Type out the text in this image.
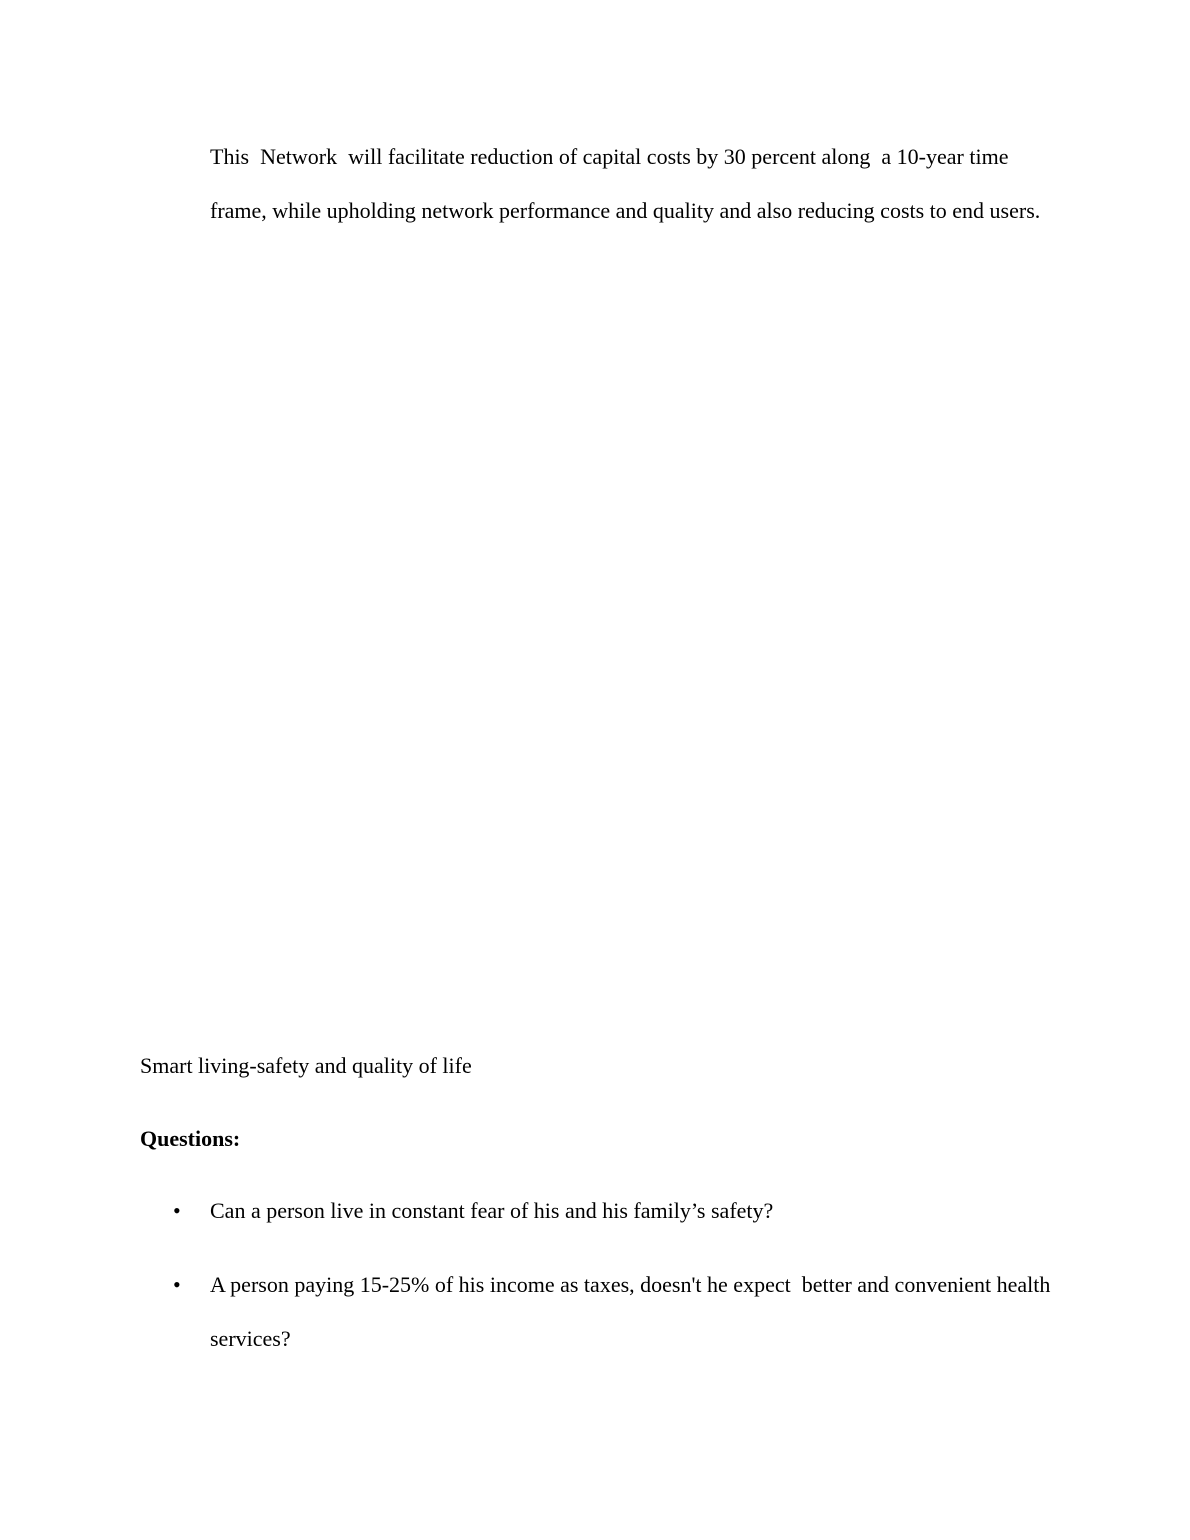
This  Network  will facilitate reduction of capital costs by 30 percent along  a 10-year time frame, while upholding network performance and quality and also reducing costs to end users.

Smart living-safety and quality of life

Questions:

• Can a person live in constant fear of his and his family’s safety?
• A person paying 15-25% of his income as taxes, doesn't he expect  better and convenient health services?
